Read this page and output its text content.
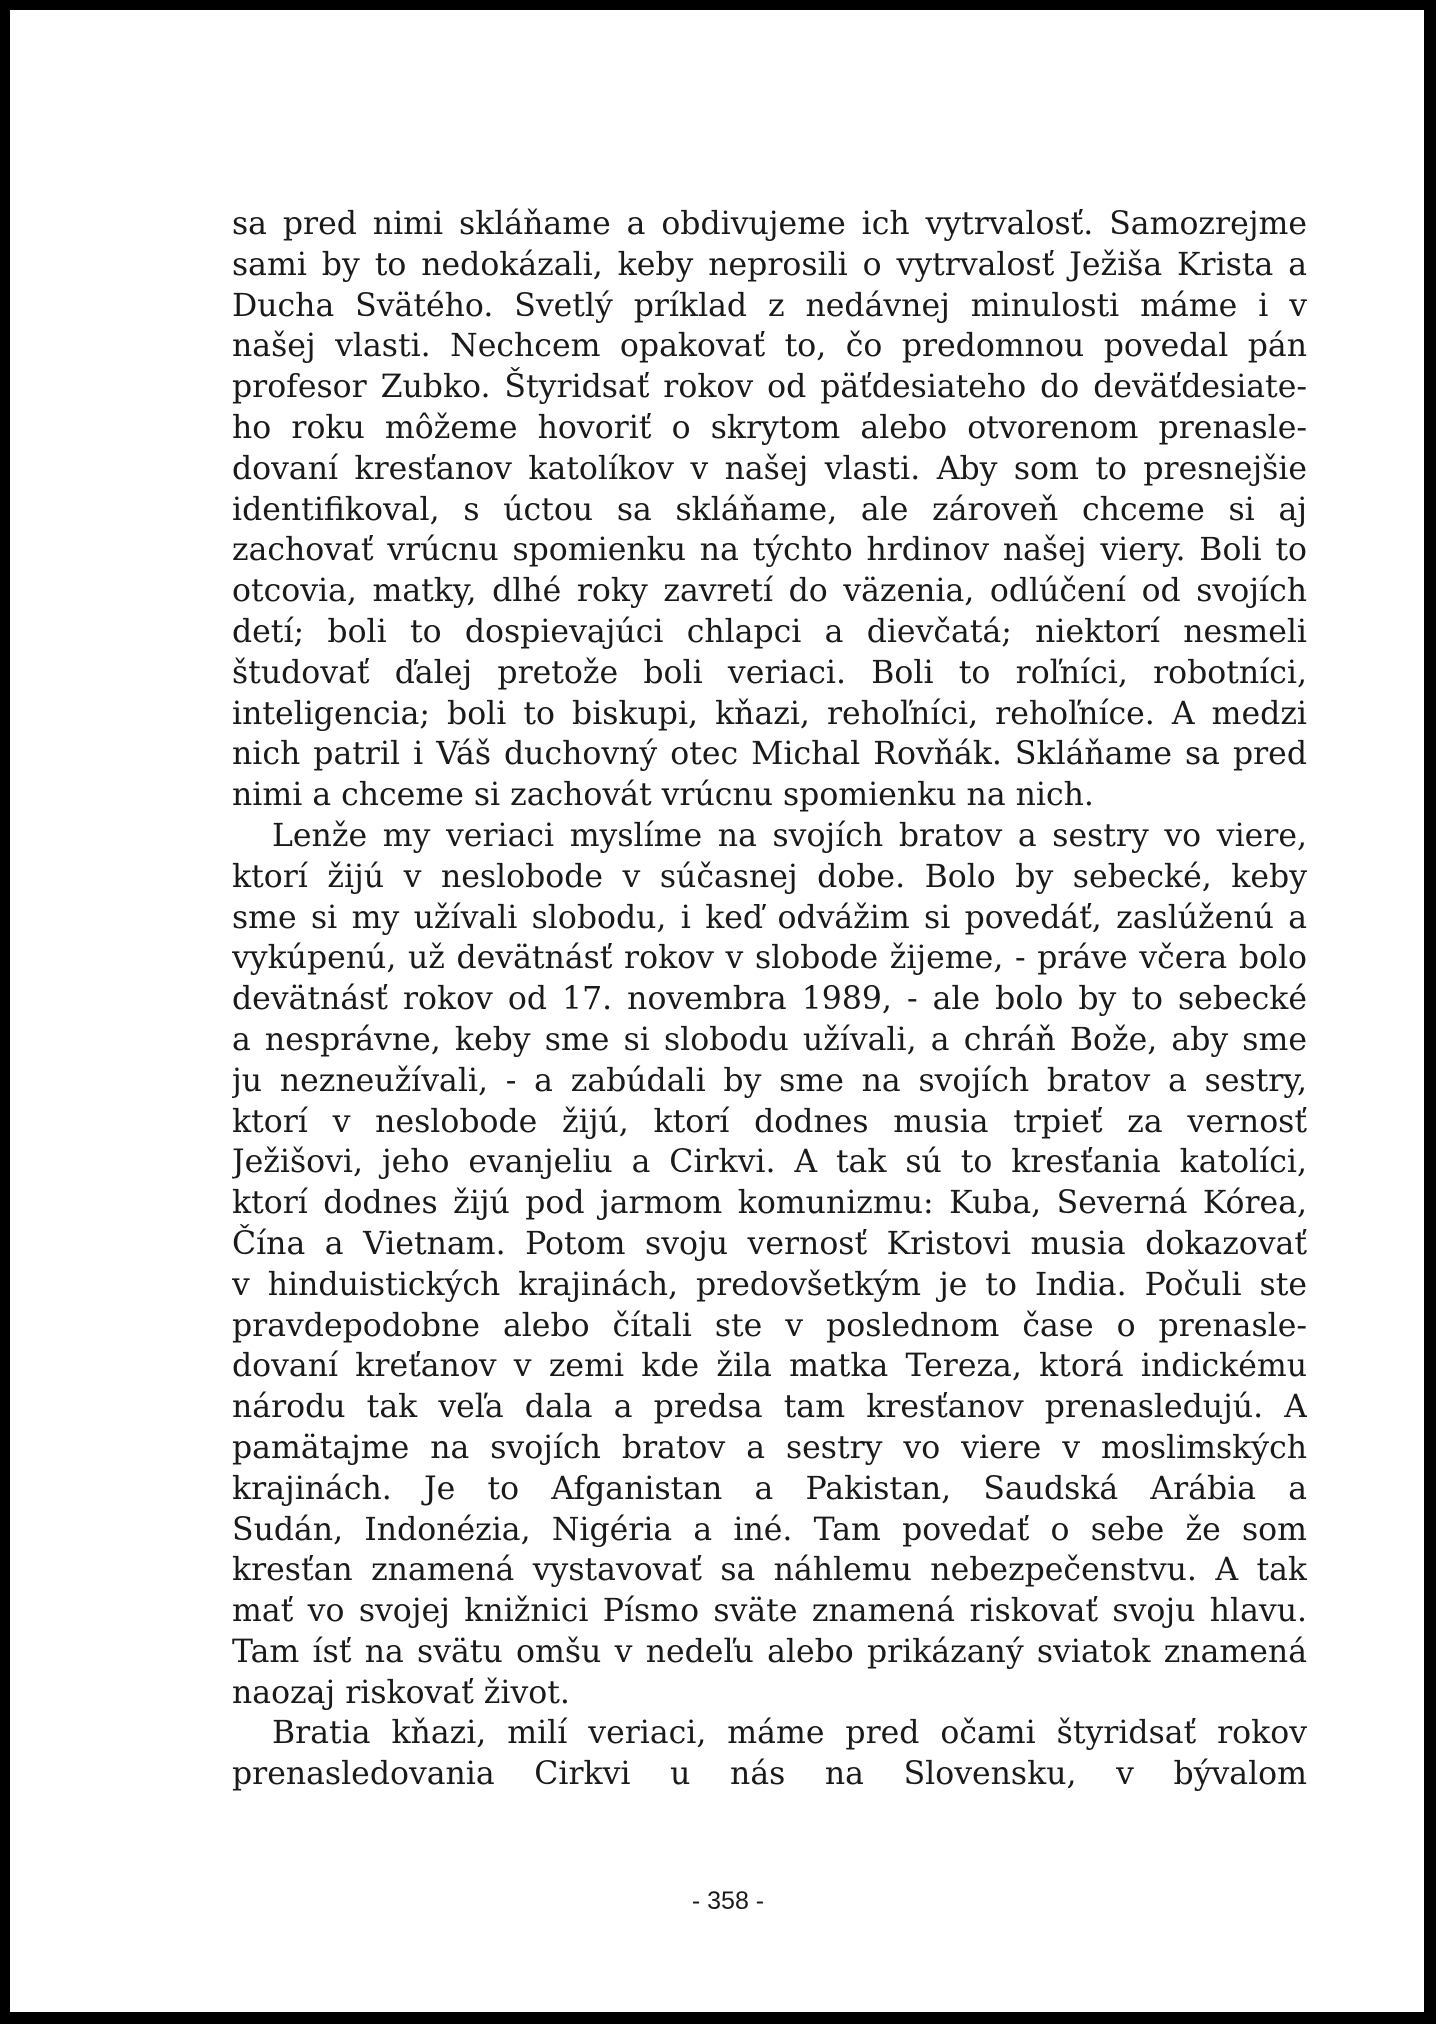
sa pred nimi skláňame a obdivujeme ich vytrvalosť. Samozrejme
sami by to nedokázali, keby neprosili o vytrvalosť Ježiša Krista a
Ducha Svätého. Svetlý príklad z nedávnej minulosti máme i v
našej vlasti. Nechcem opakovať to, čo predomnou povedal pán
profesor Zubko. Štyridsať rokov od päťdesiateho do deväťdesiate-
ho roku môžeme hovoriť o skrytom alebo otvorenom prenasle-
dovaní kresťanov katolíkov v našej vlasti. Aby som to presnejšie
identifikoval, s úctou sa skláňame, ale zároveň chceme si aj
zachovať vrúcnu spomienku na týchto hrdinov našej viery. Boli to
otcovia, matky, dlhé roky zavretí do väzenia, odlúčení od svojích
detí; boli to dospievajúci chlapci a dievčatá; niektorí nesmeli
študovať ďalej pretože boli veriaci. Boli to roľníci, robotníci,
inteligencia; boli to biskupi, kňazi, rehoľníci, rehoľníce. A medzi
nich patril i Váš duchovný otec Michal Rovňák. Skláňame sa pred
nimi a chceme si zachovát vrúcnu spomienku na nich.
Lenže my veriaci myslíme na svojích bratov a sestry vo viere,
ktorí žijú v neslobode v súčasnej dobe. Bolo by sebecké, keby
sme si my užívali slobodu, i keď odvážim si povedáť, zaslúženú a
vykúpenú, už devätnásť rokov v slobode žijeme, - práve včera bolo
devätnásť rokov od 17. novembra 1989, - ale bolo by to sebecké
a nesprávne, keby sme si slobodu užívali, a chráň Bože, aby sme
ju nezneužívali, - a zabúdali by sme na svojích bratov a sestry,
ktorí v neslobode žijú, ktorí dodnes musia trpieť za vernosť
Ježišovi, jeho evanjeliu a Cirkvi. A tak sú to kresťania katolíci,
ktorí dodnes žijú pod jarmom komunizmu: Kuba, Severná Kórea,
Čína a Vietnam. Potom svoju vernosť Kristovi musia dokazovať
v hinduistických krajinách, predovšetkým je to India. Počuli ste
pravdepodobne alebo čítali ste v poslednom čase o prenasle-
dovaní kreťanov v zemi kde žila matka Tereza, ktorá indickému
národu tak veľa dala a predsa tam kresťanov prenasledujú. A
pamätajme na svojích bratov a sestry vo viere v moslimských
krajinách. Je to Afganistan a Pakistan, Saudská Arábia a
Sudán, Indonézia, Nigéria a iné. Tam povedať o sebe že som
kresťan znamená vystavovať sa náhlemu nebezpečenstvu. A tak
mať vo svojej knižnici Písmo sväte znamená riskovať svoju hlavu.
Tam ísť na svätu omšu v nedeľu alebo prikázaný sviatok znamená
naozaj riskovať život.
Bratia kňazi, milí veriaci, máme pred očami štyridsať rokov
prenasledovania Cirkvi u nás na Slovensku, v bývalom
- 358 -
